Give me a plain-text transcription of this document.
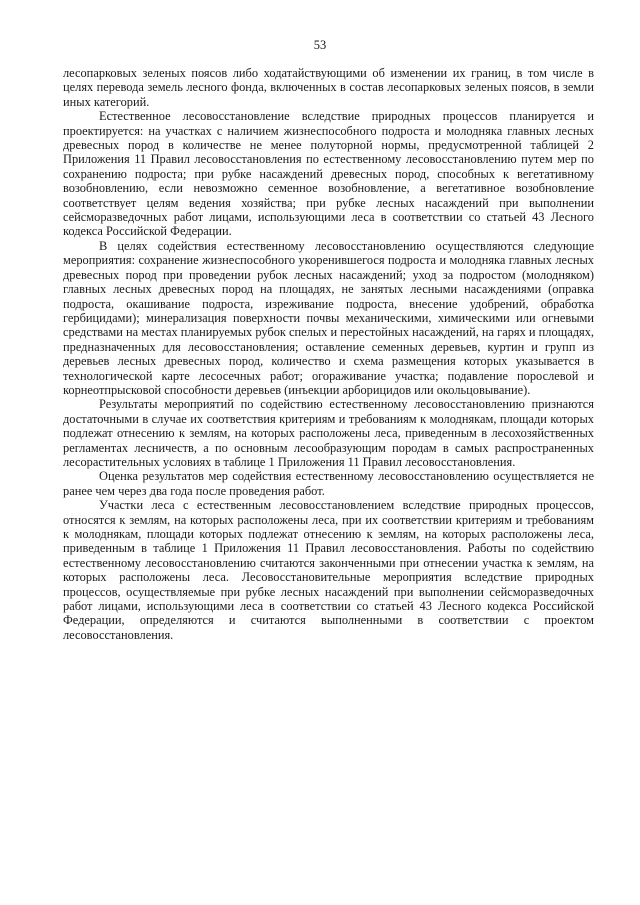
53

лесопарковых зеленых поясов либо ходатайствующими об изменении их границ, в том числе в целях перевода земель лесного фонда, включенных в состав лесопарковых зеленых поясов, в земли иных категорий.

Естественное лесовосстановление вследствие природных процессов планируется и проектируется: на участках с наличием жизнеспособного подроста и молодняка главных лесных древесных пород в количестве не менее полуторной нормы, предусмотренной таблицей 2 Приложения 11 Правил лесовосстановления по естественному лесовосстановлению путем мер по сохранению подроста; при рубке насаждений древесных пород, способных к вегетативному возобновлению, если невозможно семенное возобновление, а вегетативное возобновление соответствует целям ведения хозяйства; при рубке лесных насаждений при выполнении сейсморазведочных работ лицами, использующими леса в соответствии со статьей 43 Лесного кодекса Российской Федерации.

В целях содействия естественному лесовосстановлению осуществляются следующие мероприятия: сохранение жизнеспособного укоренившегося подроста и молодняка главных лесных древесных пород при проведении рубок лесных насаждений; уход за подростом (молодняком) главных лесных древесных пород на площадях, не занятых лесными насаждениями (оправка подроста, окашивание подроста, изреживание подроста, внесение удобрений, обработка гербицидами); минерализация поверхности почвы механическими, химическими или огневыми средствами на местах планируемых рубок спелых и перестойных насаждений, на гарях и площадях, предназначенных для лесовосстановления; оставление семенных деревьев, куртин и групп из деревьев лесных древесных пород, количество и схема размещения которых указывается в технологической карте лесосечных работ; огораживание участка; подавление порослевой и корнеотпрысковой способности деревьев (инъекции арборицидов или окольцовывание).

Результаты мероприятий по содействию естественному лесовосстановлению признаются достаточными в случае их соответствия критериям и требованиям к молоднякам, площади которых подлежат отнесению к землям, на которых расположены леса, приведенным в лесохозяйственных регламентах лесничеств, а по основным лесообразующим породам в самых распространенных лесорастительных условиях в таблице 1 Приложения 11 Правил лесовосстановления.

Оценка результатов мер содействия естественному лесовосстановлению осуществляется не ранее чем через два года после проведения работ.

Участки леса с естественным лесовосстановлением вследствие природных процессов, относятся к землям, на которых расположены леса, при их соответствии критериям и требованиям к молоднякам, площади которых подлежат отнесению к землям, на которых расположены леса, приведенным в таблице 1 Приложения 11 Правил лесовосстановления. Работы по содействию естественному лесовосстановлению считаются законченными при отнесении участка к землям, на которых расположены леса. Лесовосстановительные мероприятия вследствие природных процессов, осуществляемые при рубке лесных насаждений при выполнении сейсморазведочных работ лицами, использующими леса в соответствии со статьей 43 Лесного кодекса Российской Федерации, определяются и считаются выполненными в соответствии с проектом лесовосстановления.
